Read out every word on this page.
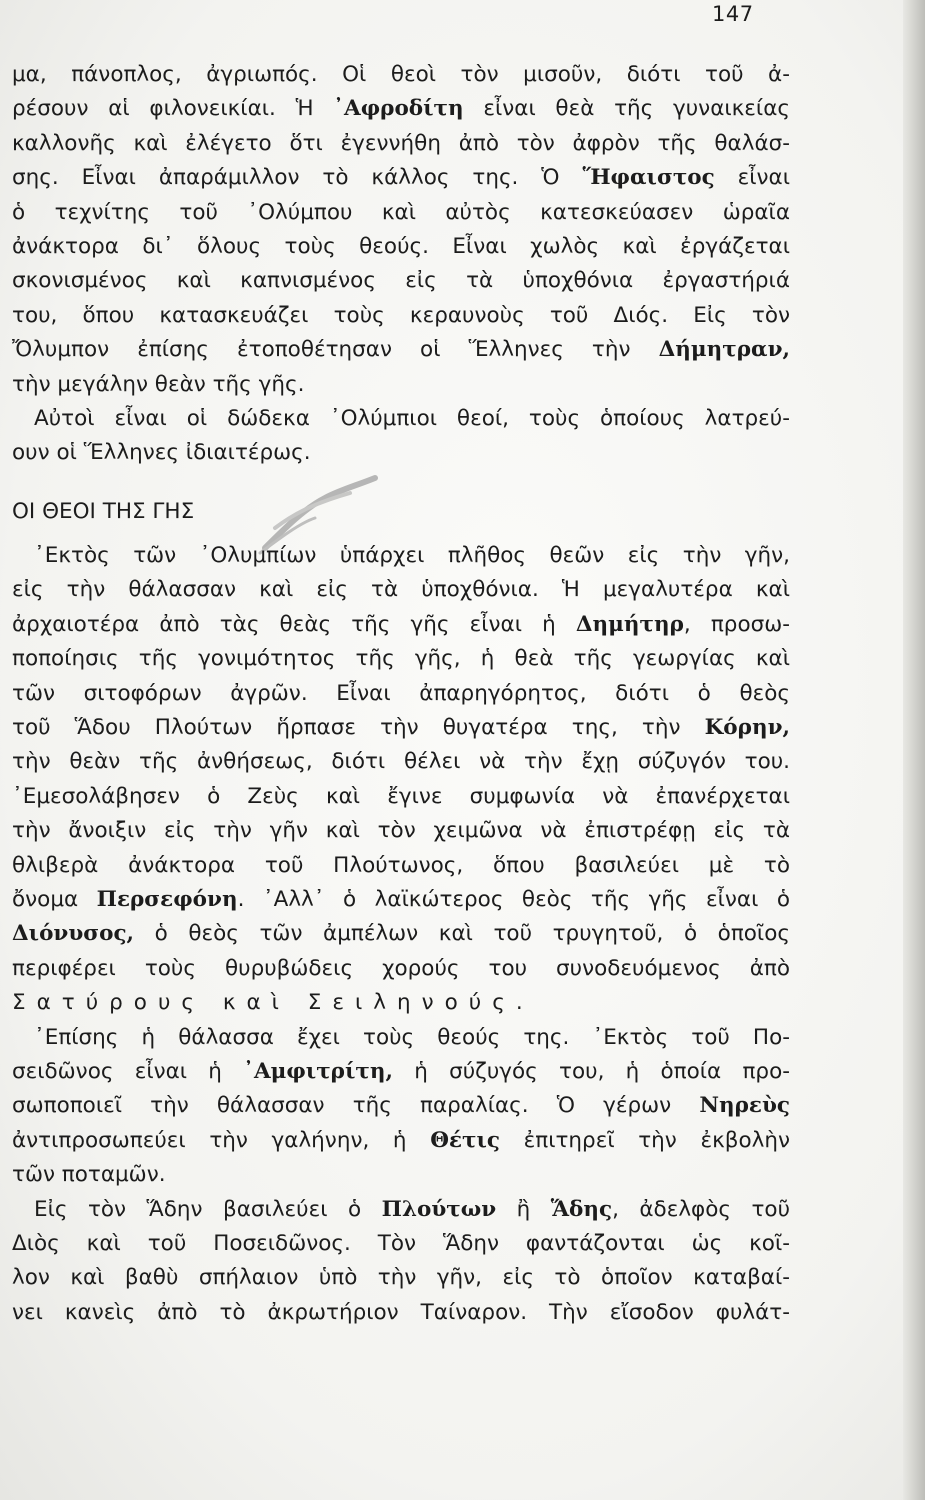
147
μα, πάνοπλος, ἀγριωπός. Οἱ θεοὶ τὸν μισοῦν, διότι τοῦ ἀ-
ρέσουν αἱ φιλονεικίαι. Ἡ ᾿Αφροδίτη εἶναι θεὰ τῆς γυναικείας
καλλονῆς καὶ ἐλέγετο ὅτι ἐγεννήθη ἀπὸ τὸν ἀφρὸν τῆς θαλάσ-
σης. Εἶναι ἀπαράμιλλον τὸ κάλλος της. Ὁ Ἥφαιστος εἶναι
ὁ τεχνίτης τοῦ ᾿Ολύμπου καὶ αὐτὸς κατεσκεύασεν ὡραῖα
ἀνάκτορα δι᾿ ὅλους τοὺς θεούς. Εἶναι χωλὸς καὶ ἐργάζεται
σκονισμένος καὶ καπνισμένος εἰς τὰ ὑποχθόνια ἐργαστήριά
του, ὅπου κατασκευάζει τοὺς κεραυνοὺς τοῦ Διός. Εἰς τὸν
Ὄλυμπον ἐπίσης ἐτοποθέτησαν οἱ Ἕλληνες τὴν Δήμητραν,
τὴν μεγάλην θεὰν τῆς γῆς.
Αὐτοὶ εἶναι οἱ δώδεκα ᾿Ολύμπιοι θεοί, τοὺς ὁποίους λατρεύ-
ουν οἱ Ἕλληνες ἰδιαιτέρως.
ΟΙ ΘΕΟΙ ΤΗΣ ΓΗΣ
᾿Εκτὸς τῶν ᾿Ολυμπίων ὑπάρχει πλῆθος θεῶν εἰς τὴν γῆν,
εἰς τὴν θάλασσαν καὶ εἰς τὰ ὑποχθόνια. Ἡ μεγαλυτέρα καὶ
ἀρχαιοτέρα ἀπὸ τὰς θεὰς τῆς γῆς εἶναι ἡ Δημήτηρ, προσω-
ποποίησις τῆς γονιμότητος τῆς γῆς, ἡ θεὰ τῆς γεωργίας καὶ
τῶν σιτοφόρων ἀγρῶν. Εἶναι ἀπαρηγόρητος, διότι ὁ θεὸς
τοῦ Ἅδου Πλούτων ἥρπασε τὴν θυγατέρα της, τὴν Κόρην,
τὴν θεὰν τῆς ἀνθήσεως, διότι θέλει νὰ τὴν ἔχῃ σύζυγόν του.
᾿Εμεσολάβησεν ὁ Ζεὺς καὶ ἔγινε συμφωνία νὰ ἐπανέρχεται
τὴν ἄνοιξιν εἰς τὴν γῆν καὶ τὸν χειμῶνα νὰ ἐπιστρέφῃ εἰς τὰ
θλιβερὰ ἀνάκτορα τοῦ Πλούτωνος, ὅπου βασιλεύει μὲ τὸ
ὄνομα Περσεφόνη. ᾿Αλλ᾿ ὁ λαϊκώτερος θεὸς τῆς γῆς εἶναι ὁ
Διόνυσος, ὁ θεὸς τῶν ἀμπέλων καὶ τοῦ τρυγητοῦ, ὁ ὁποῖος
περιφέρει τοὺς θυρυβώδεις χορούς του συνοδευόμενος ἀπὸ
Σατύρους καὶ Σειληνούς.
᾿Επίσης ἡ θάλασσα ἔχει τοὺς θεούς της. ᾿Εκτὸς τοῦ Πο-
σειδῶνος εἶναι ἡ ᾿Αμφιτρίτη, ἡ σύζυγός του, ἡ ὁποία προ-
σωποποιεῖ τὴν θάλασσαν τῆς παραλίας. Ὁ γέρων Νηρεὺς
ἀντιπροσωπεύει τὴν γαλήνην, ἡ Θέτις ἐπιτηρεῖ τὴν ἐκβολὴν
τῶν ποταμῶν.
Εἰς τὸν Ἅδην βασιλεύει ὁ Πλούτων ἢ Ἅδης, ἀδελφὸς τοῦ
Διὸς καὶ τοῦ Ποσειδῶνος. Τὸν Ἅδην φαντάζονται ὡς κοῖ-
λον καὶ βαθὺ σπήλαιον ὑπὸ τὴν γῆν, εἰς τὸ ὁποῖον καταβαί-
νει κανεὶς ἀπὸ τὸ ἀκρωτήριον Ταίναρον. Τὴν εἴσοδον φυλάτ-
